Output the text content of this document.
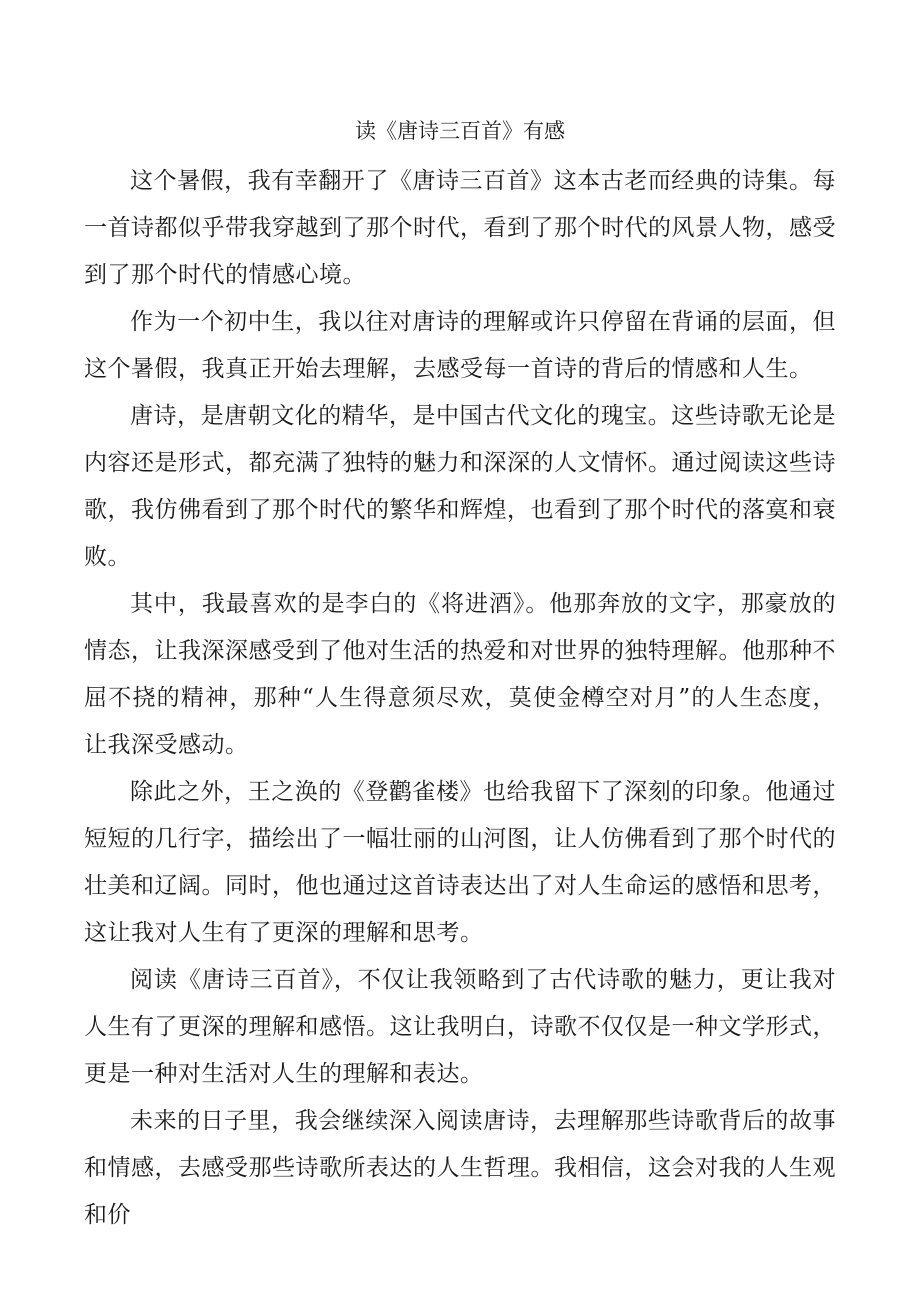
读《唐诗三百首》有感

这个暑假，我有幸翻开了《唐诗三百首》这本古老而经典的诗集。每一首诗都似乎带我穿越到了那个时代，看到了那个时代的风景人物，感受到了那个时代的情感心境。

作为一个初中生，我以往对唐诗的理解或许只停留在背诵的层面，但这个暑假，我真正开始去理解，去感受每一首诗的背后的情感和人生。

唐诗，是唐朝文化的精华，是中国古代文化的瑰宝。这些诗歌无论是内容还是形式，都充满了独特的魅力和深深的人文情怀。通过阅读这些诗歌，我仿佛看到了那个时代的繁华和辉煌，也看到了那个时代的落寞和衰败。

其中，我最喜欢的是李白的《将进酒》。他那奔放的文字，那豪放的情态，让我深深感受到了他对生活的热爱和对世界的独特理解。他那种不屈不挠的精神，那种“人生得意须尽欢，莫使金樽空对月”的人生态度，让我深受感动。

除此之外，王之涣的《登鹳雀楼》也给我留下了深刻的印象。他通过短短的几行字，描绘出了一幅壮丽的山河图，让人仿佛看到了那个时代的壮美和辽阔。同时，他也通过这首诗表达出了对人生命运的感悟和思考，这让我对人生有了更深的理解和思考。

阅读《唐诗三百首》，不仅让我领略到了古代诗歌的魅力，更让我对人生有了更深的理解和感悟。这让我明白，诗歌不仅仅是一种文学形式，更是一种对生活对人生的理解和表达。

未来的日子里，我会继续深入阅读唐诗，去理解那些诗歌背后的故事和情感，去感受那些诗歌所表达的人生哲理。我相信，这会对我的人生观和价
